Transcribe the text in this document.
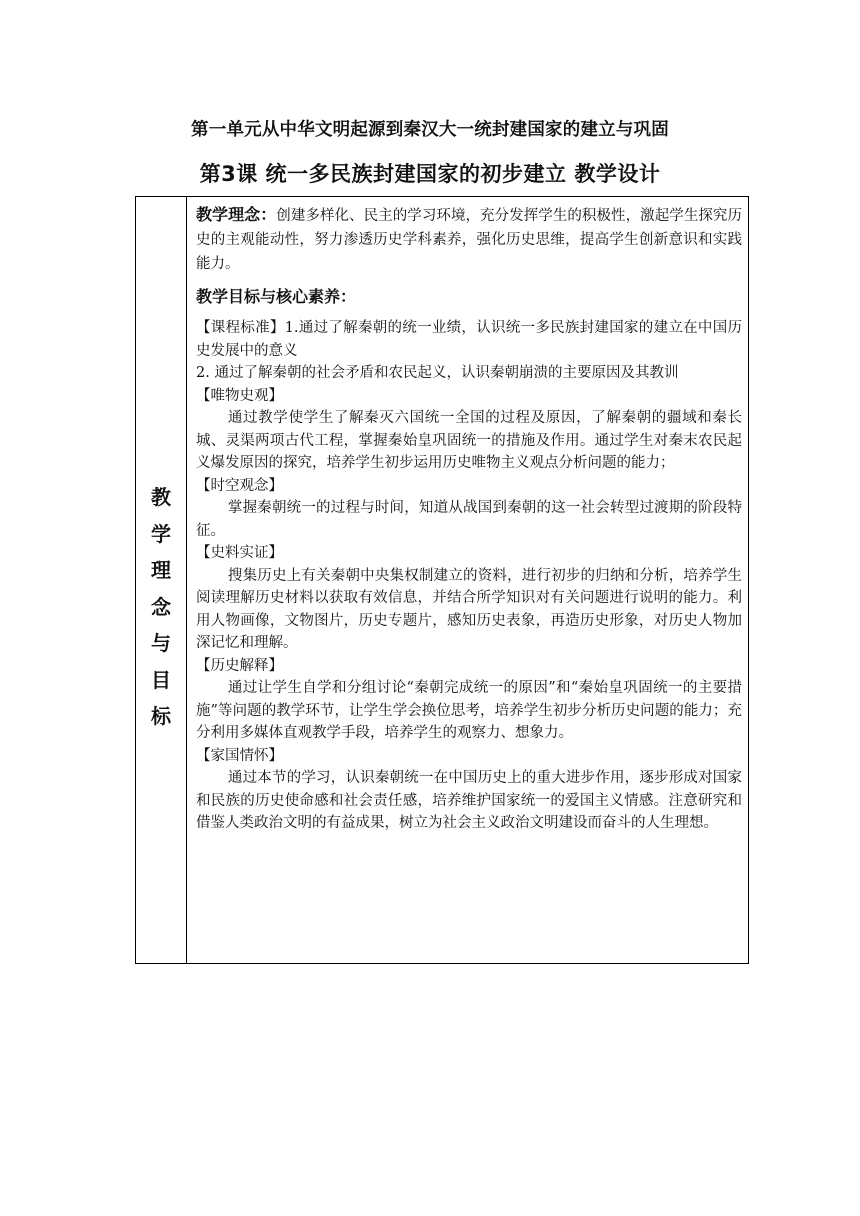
第一单元从中华文明起源到秦汉大一统封建国家的建立与巩固
第3课 统一多民族封建国家的初步建立 教学设计
教
学
理
念
与
目
标

教学理念：创建多样化、民主的学习环境，充分发挥学生的积极性，激起学生探究历史的主观能动性，努力渗透历史学科素养，强化历史思维，提高学生创新意识和实践能力。

教学目标与核心素养：

【课程标准】1.通过了解秦朝的统一业绩，认识统一多民族封建国家的建立在中国历史发展中的意义

2. 通过了解秦朝的社会矛盾和农民起义，认识秦朝崩溃的主要原因及其教训

【唯物史观】

通过教学使学生了解秦灭六国统一全国的过程及原因，了解秦朝的疆域和秦长城、灵渠两项古代工程，掌握秦始皇巩固统一的措施及作用。通过学生对秦末农民起义爆发原因的探究，培养学生初步运用历史唯物主义观点分析问题的能力；

【时空观念】

掌握秦朝统一的过程与时间，知道从战国到秦朝的这一社会转型过渡期的阶段特征。

【史料实证】

搜集历史上有关秦朝中央集权制建立的资料，进行初步的归纳和分析，培养学生阅读理解历史材料以获取有效信息，并结合所学知识对有关问题进行说明的能力。利用人物画像，文物图片，历史专题片，感知历史表象，再造历史形象，对历史人物加深记忆和理解。

【历史解释】

通过让学生自学和分组讨论“秦朝完成统一的原因”和“秦始皇巩固统一的主要措施”等问题的教学环节，让学生学会换位思考，培养学生初步分析历史问题的能力；充分利用多媒体直观教学手段，培养学生的观察力、想象力。

【家国情怀】

通过本节的学习，认识秦朝统一在中国历史上的重大进步作用，逐步形成对国家和民族的历史使命感和社会责任感，培养维护国家统一的爱国主义情感。注意研究和借鉴人类政治文明的有益成果，树立为社会主义政治文明建设而奋斗的人生理想。
